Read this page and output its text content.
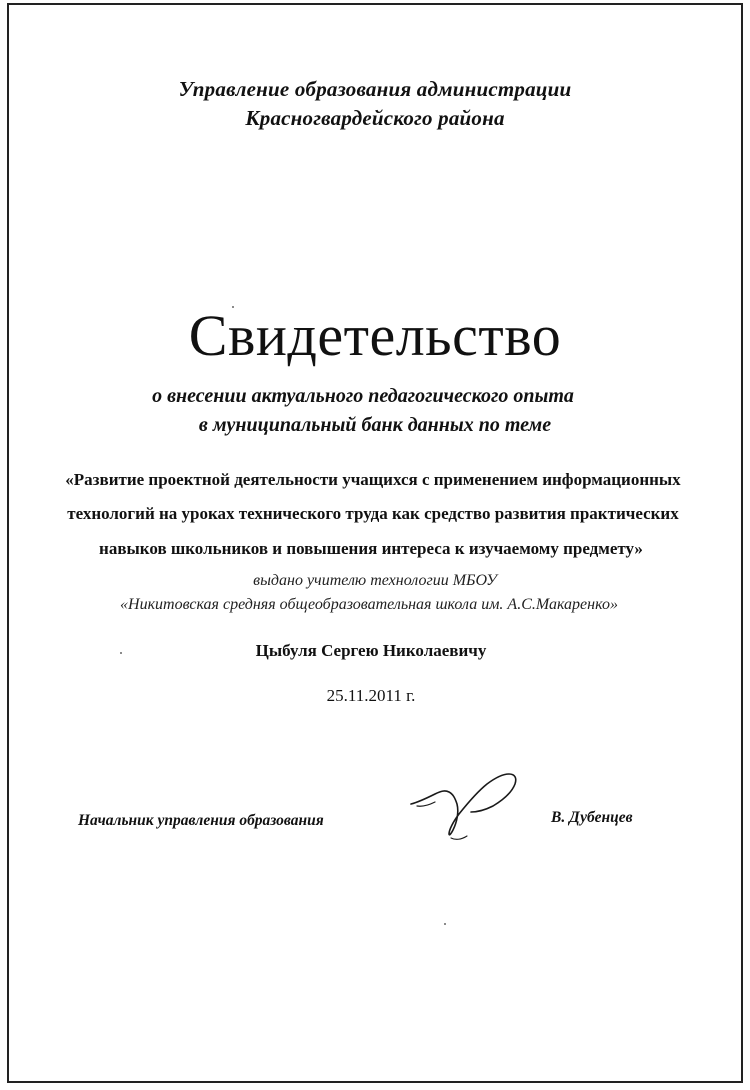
Управление образования администрации
Красногвардейского района
Свидетельство
о внесении актуального педагогического опыта
в муниципальный банк данных по теме
«Развитие проектной деятельности учащихся с применением информационных
технологий на уроках технического труда как средство развития практических
навыков школьников и повышения интереса к изучаемому предмету»
выдано учителю технологии МБОУ
«Никитовская средняя общеобразовательная школа им. А.С.Макаренко»
Цыбуля Сергею Николаевичу
25.11.2011 г.
Начальник управления образования	В. Дубенцев
